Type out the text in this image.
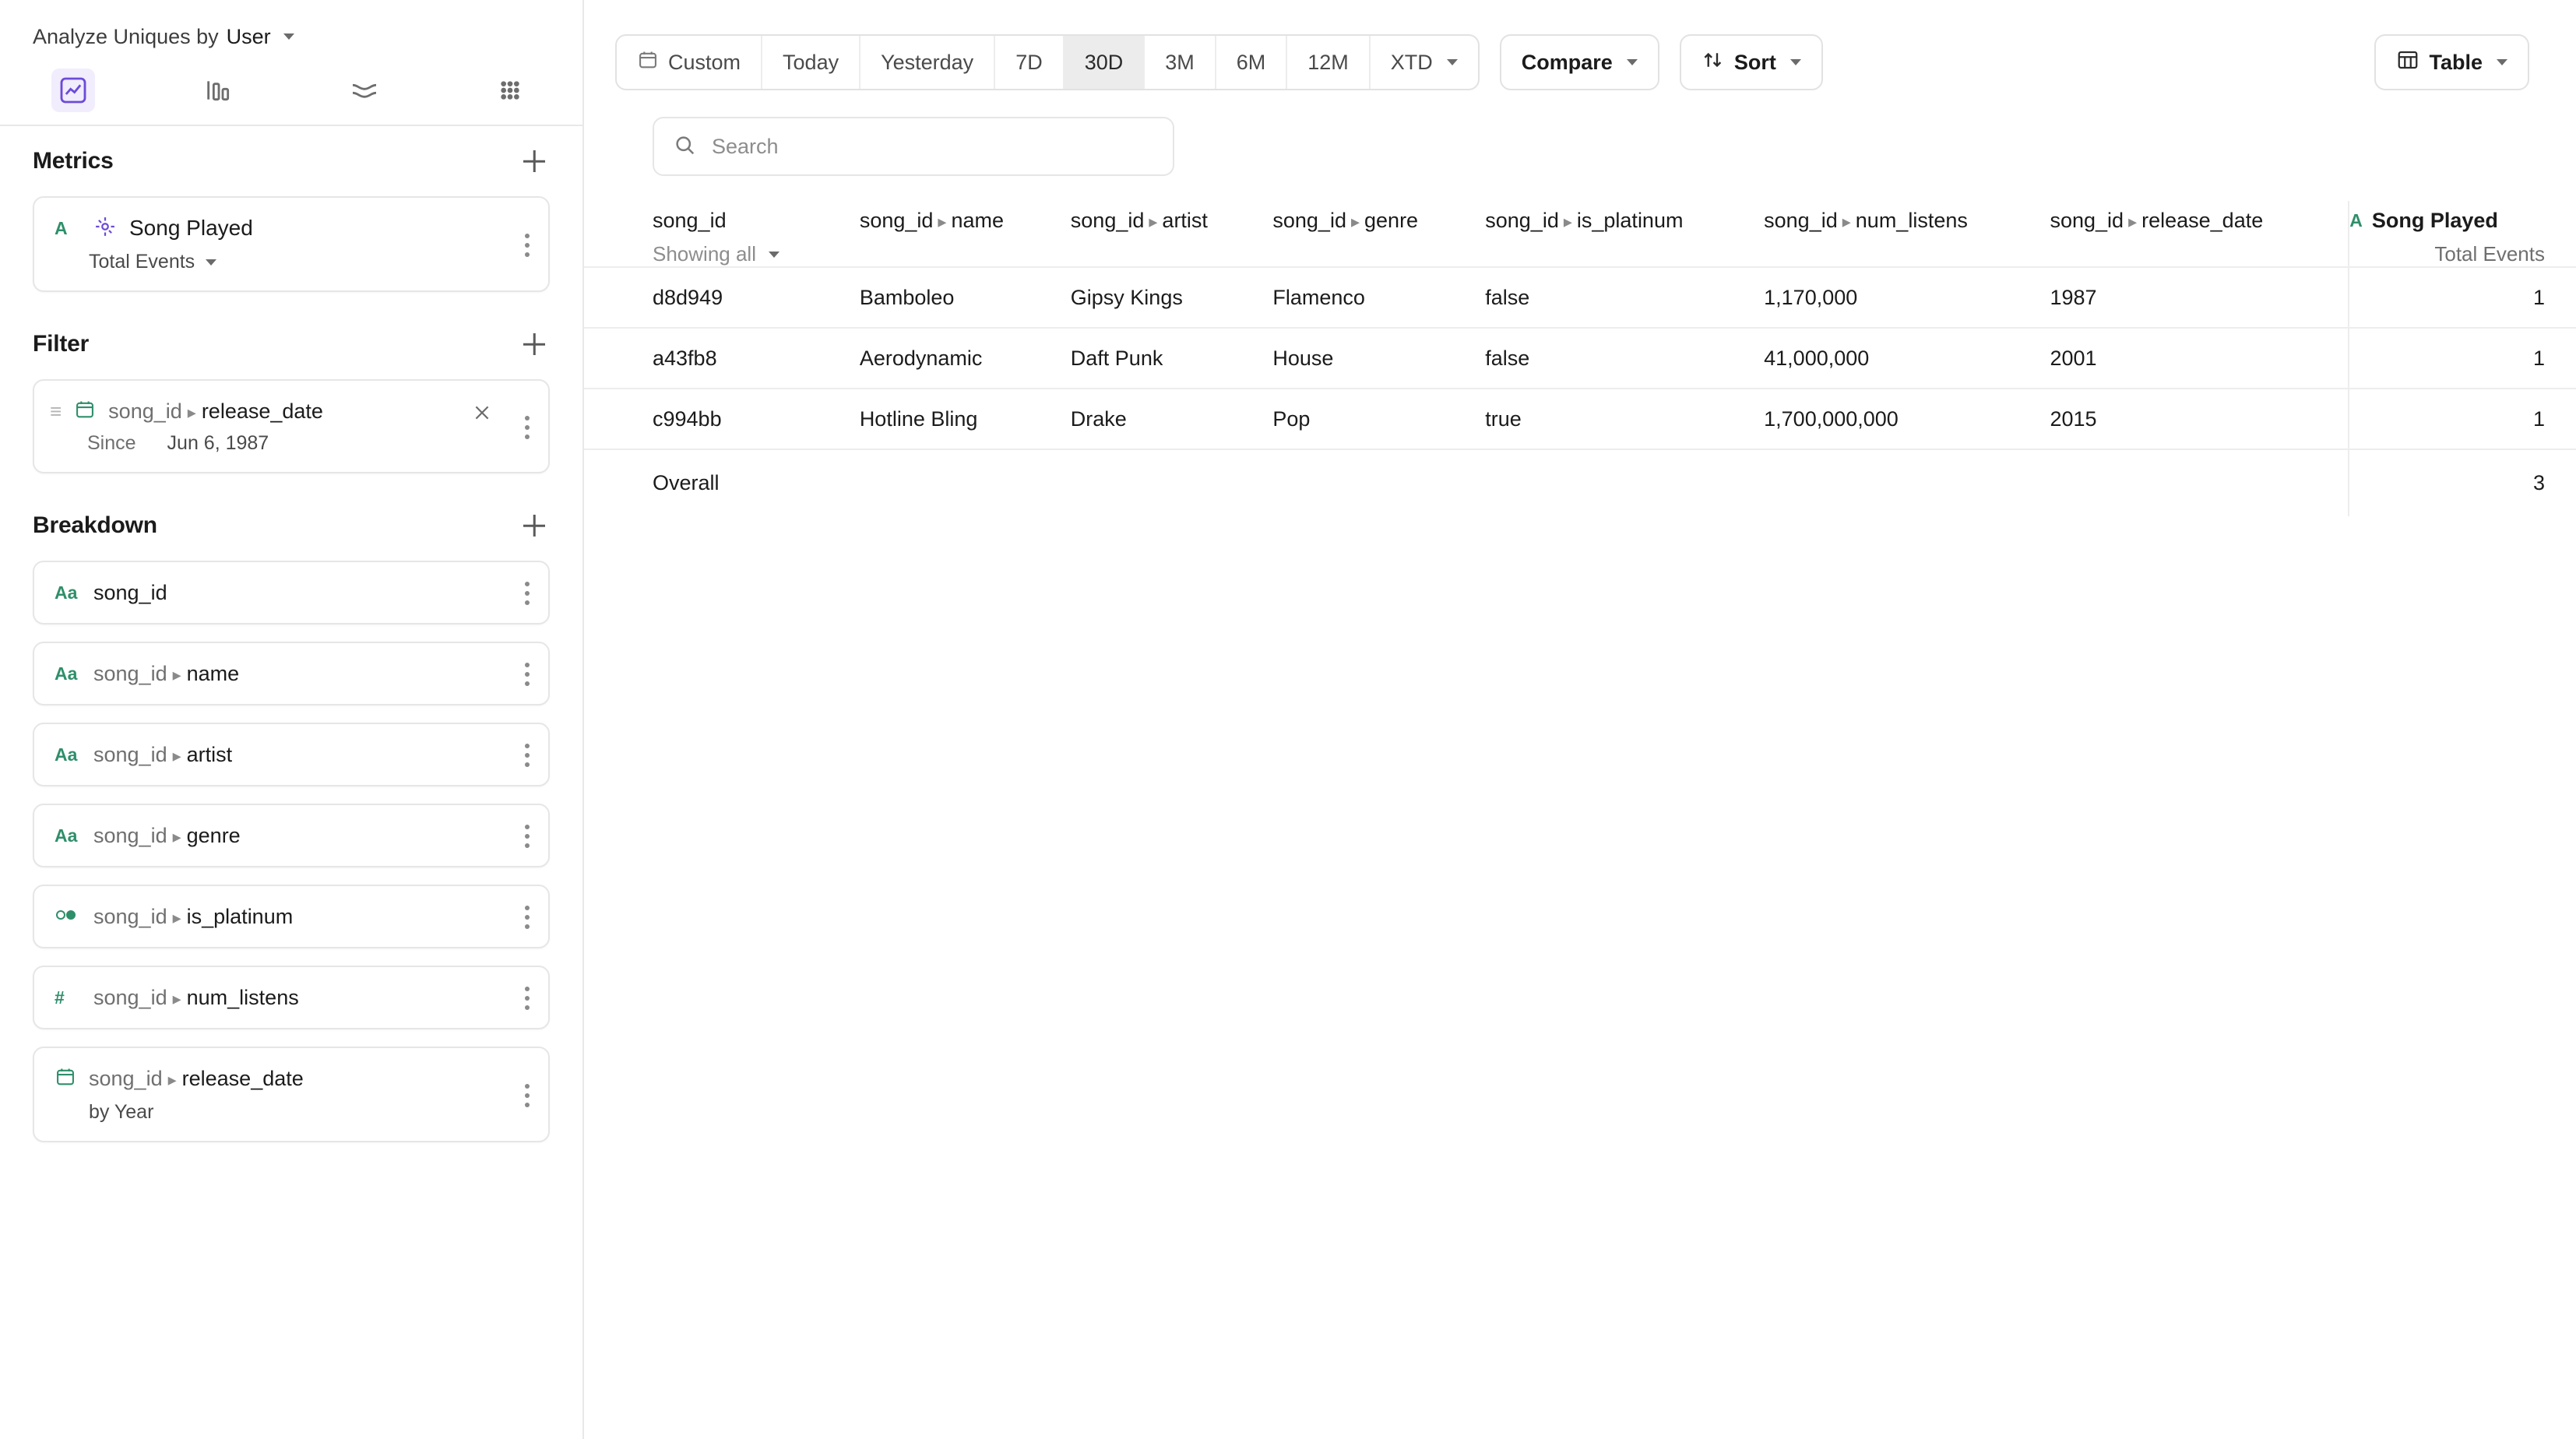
Analyze Uniques by User
Metrics
A	Song Played
Total Events
Filter
≡ song_id ▸ release_date
Since Jun 6, 1987
Breakdown
Aa song_id
Aa song_id ▸ name
Aa song_id ▸ artist
Aa song_id ▸ genre
song_id ▸ is_platinum
#	song_id ▸ num_listens
song_id ▸ release_date
by Year
Custom	Today	Yesterday	7D	30D	3M	6M	12M	XTD	Compare	Sort	Table
Search
song_id
Showing all

song_id ▸ name	song_id ▸ artist	song_id ▸ genre	song_id ▸ is_platinum	song_id ▸ num_listens	song_id ▸ release_date	A Song Played
Total Events

d8d949	Bamboleo	Gipsy Kings	Flamenco	false	1,170,000	1987	1

a43fb8	Aerodynamic	Daft Punk	House	false	41,000,000	2001	1

c994bb	Hotline Bling	Drake	Pop	true	1,700,000,000	2015	1

Overall							3
